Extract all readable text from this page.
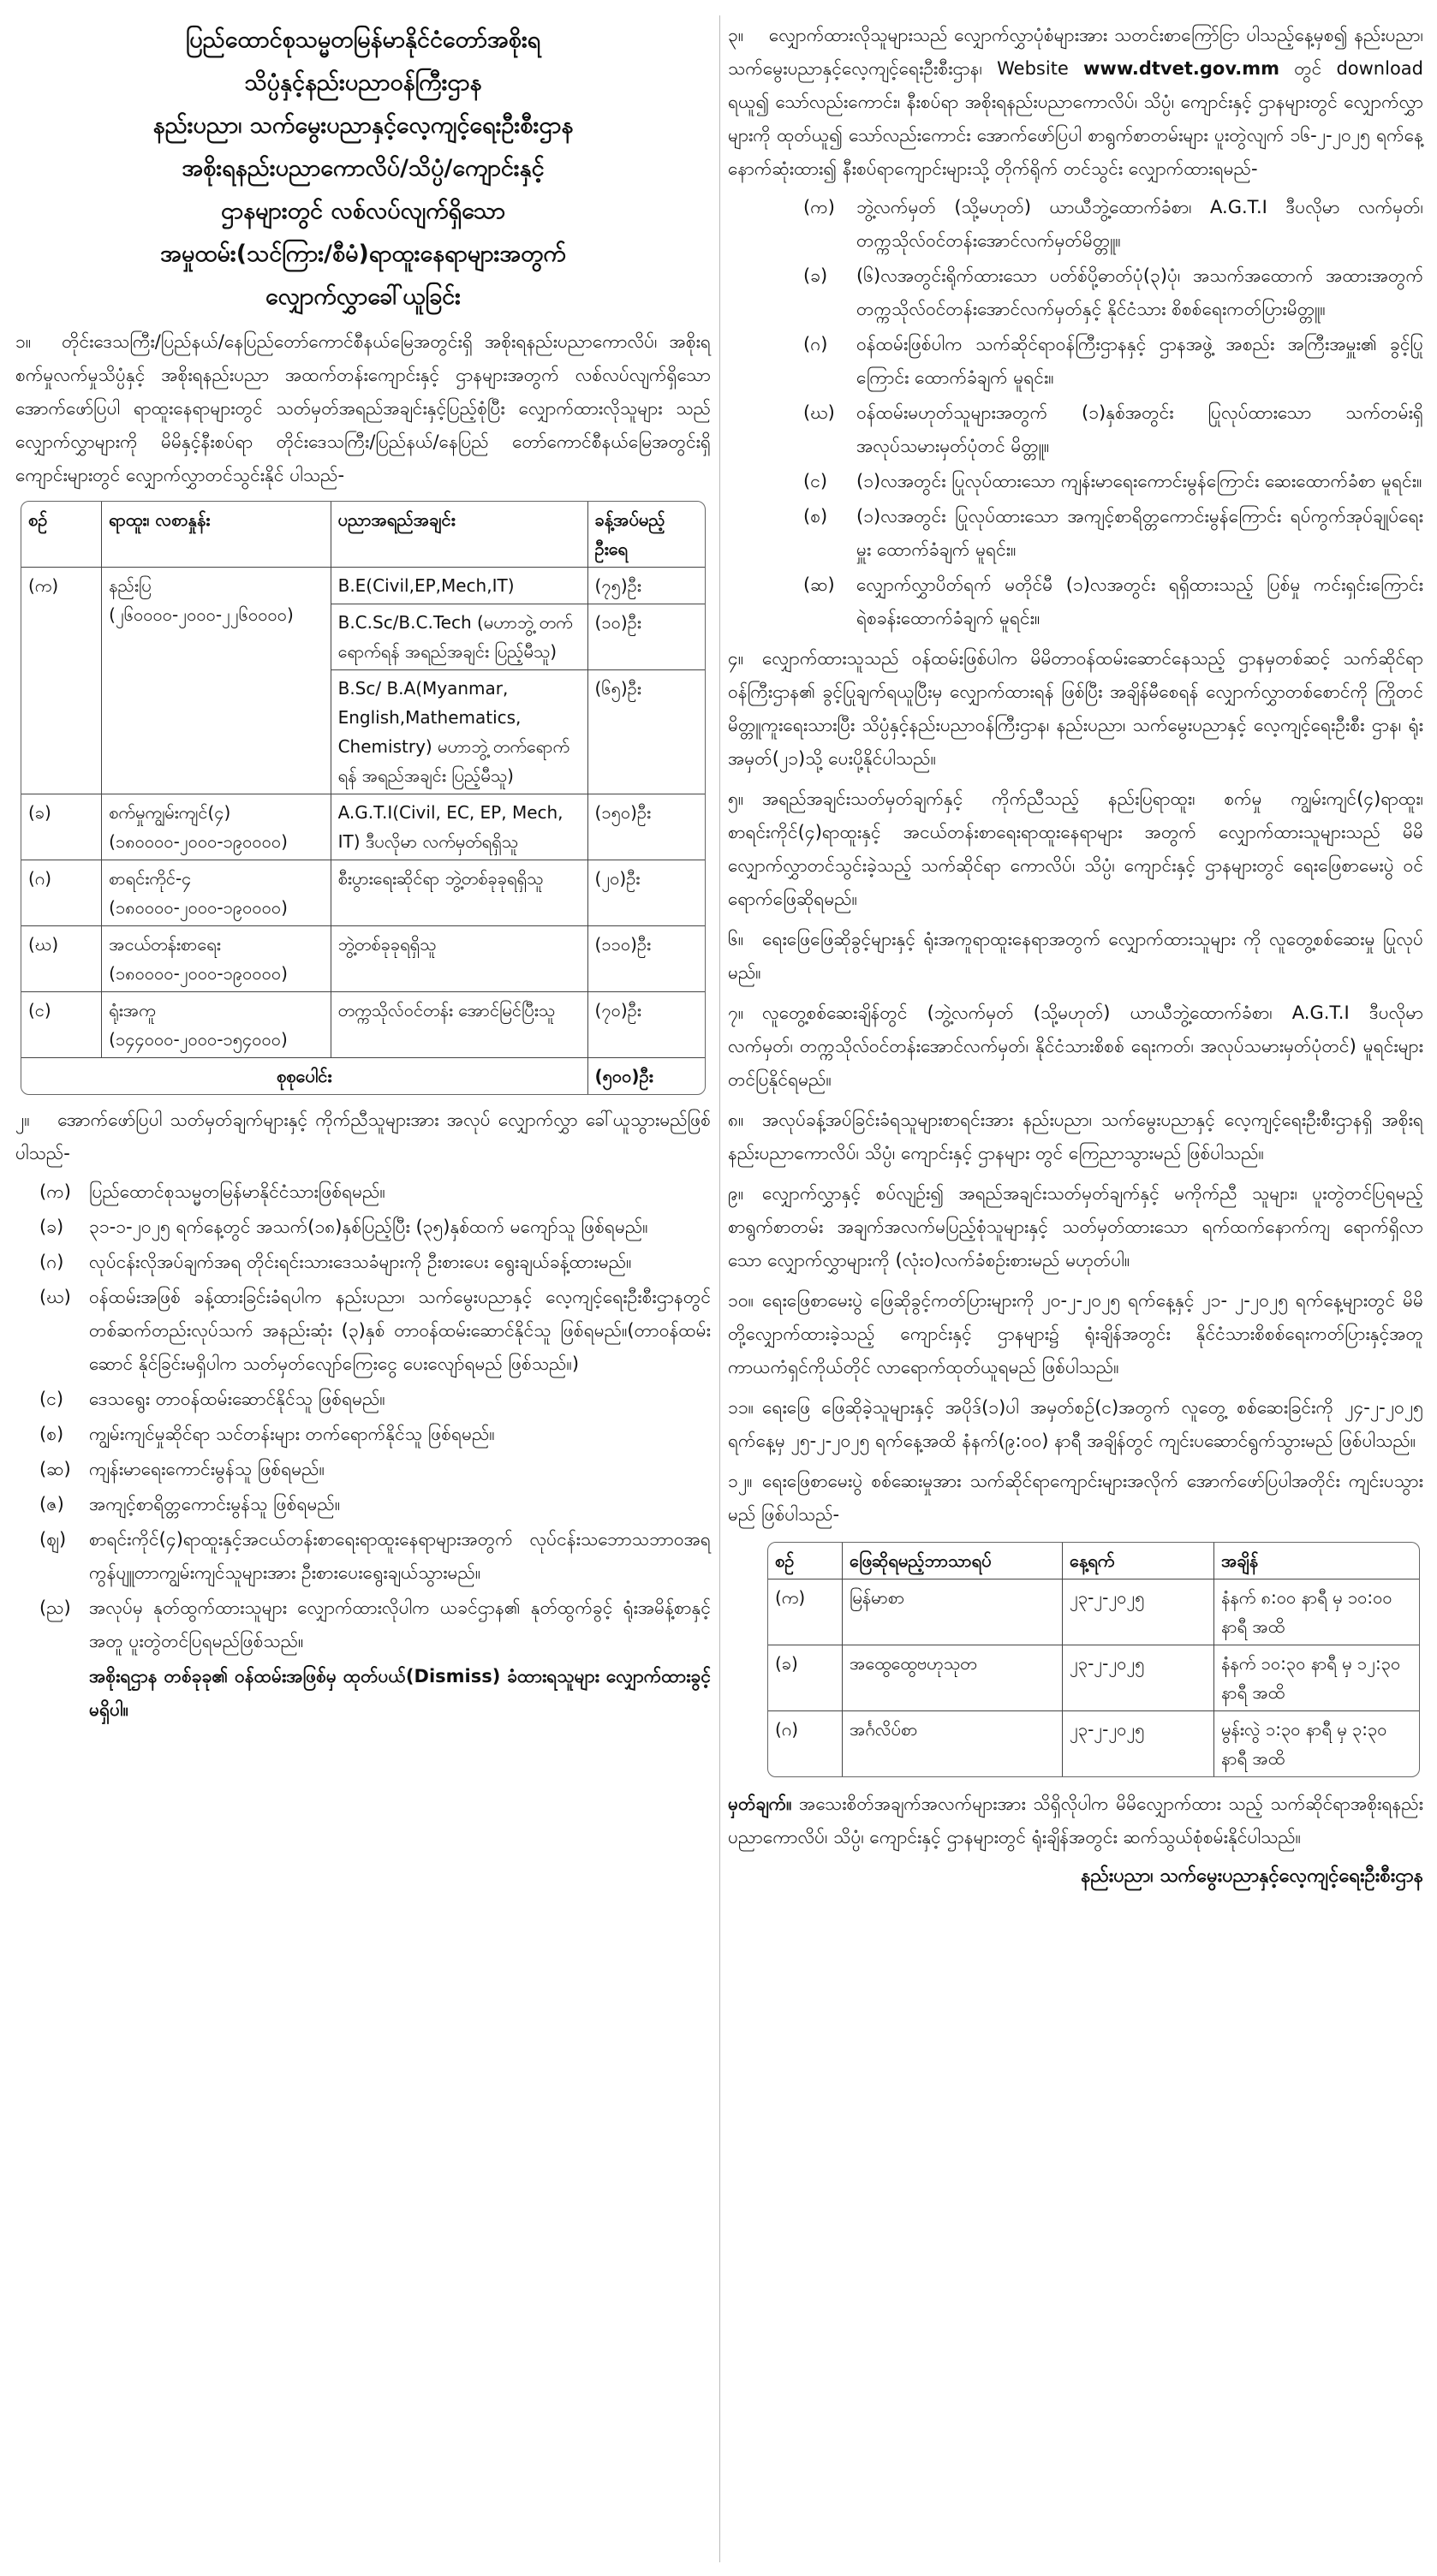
ပြည်ထောင်စုသမ္မတမြန်မာနိုင်ငံတော်အစိုးရ
သိပ္ပံနှင့်နည်းပညာဝန်ကြီးဌာန
နည်းပညာ၊ သက်မွေးပညာနှင့်လေ့ကျင့်ရေးဦးစီးဌာန
အစိုးရနည်းပညာကောလိပ်/သိပ္ပံ/ကျောင်းနှင့်
ဌာနများတွင် လစ်လပ်လျက်ရှိသော
အမှုထမ်း(သင်ကြား/စီမံ)ရာထူးနေရာများအတွက်
လျှောက်လွှာခေါ်ယူခြင်း
၁။ တိုင်းဒေသကြီး/ပြည်နယ်/နေပြည်တော်ကောင်စီနယ်မြေအတွင်းရှိ အစိုးရနည်းပညာကောလိပ်၊ အစိုးရစက်မှုလက်မှုသိပ္ပံနှင့် အစိုးရနည်းပညာ အထက်တန်းကျောင်းနှင့် ဌာနများအတွက် လစ်လပ်လျက်ရှိသော အောက်ဖော်ပြပါ ရာထူးနေရာများတွင် သတ်မှတ်အရည်အချင်းနှင့်ပြည့်စုံပြီး လျှောက်ထားလိုသူများ သည် လျှောက်လွှာများကို မိမိနှင့်နီးစပ်ရာ တိုင်းဒေသကြီး/ပြည်နယ်/နေပြည် တော်ကောင်စီနယ်မြေအတွင်းရှိ ကျောင်းများတွင် လျှောက်လွှာတင်သွင်းနိုင် ပါသည်-
စဉ်	ရာထူး၊ လစာနှုန်း	ပညာအရည်အချင်း	ခန့်အပ်မည့် ဦးရေ
(က)	နည်းပြ (၂၆၀၀၀၀-၂၀၀၀-၂၂၆၀၀၀၀)	B.E(Civil,EP,Mech,IT)	(၇၅)ဦး
		B.C.Sc/B.C.Tech (မဟာဘွဲ့ တက်ရောက်ရန် အရည်အချင်း ပြည့်မီသူ)	(၁၀)ဦး
		B.Sc/ B.A(Myanmar, English,Mathematics, Chemistry) မဟာဘွဲ့ တက်ရောက်ရန် အရည်အချင်း ပြည့်မီသူ)	(၆၅)ဦး
(ခ)	စက်မှုကျွမ်းကျင်(၄) (၁၈၀၀၀၀-၂၀၀၀-၁၉၀၀၀၀)	A.G.T.I(Civil, EC, EP, Mech, IT) ဒီပလိုမာ လက်မှတ်ရရှိသူ	(၁၅၀)ဦး
(ဂ)	စာရင်းကိုင်-၄ (၁၈၀၀၀၀-၂၀၀၀-၁၉၀၀၀၀)	စီးပွားရေးဆိုင်ရာ ဘွဲ့တစ်ခုခုရရှိသူ	(၂၀)ဦး
(ဃ)	အငယ်တန်းစာရေး (၁၈၀၀၀၀-၂၀၀၀-၁၉၀၀၀၀)	ဘွဲ့တစ်ခုခုရရှိသူ	(၁၁၀)ဦး
(င)	ရုံးအကူ (၁၄၄၀၀၀-၂၀၀၀-၁၅၄၀၀၀)	တက္ကသိုလ်ဝင်တန်း အောင်မြင်ပြီးသူ	(၇၀)ဦး
စုစုပေါင်း			(၅၀၀)ဦး
၂။ အောက်ဖော်ပြပါ သတ်မှတ်ချက်များနှင့် ကိုက်ညီသူများအား အလုပ် လျှောက်လွှာ ခေါ်ယူသွားမည်ဖြစ်ပါသည်-
(က)	ပြည်ထောင်စုသမ္မတမြန်မာနိုင်ငံသားဖြစ်ရမည်။
(ခ)	၃၁-၁-၂၀၂၅ ရက်နေ့တွင် အသက်(၁၈)နှစ်ပြည့်ပြီး (၃၅)နှစ်ထက် မကျော်သူ ဖြစ်ရမည်။
(ဂ)	လုပ်ငန်းလိုအပ်ချက်အရ တိုင်းရင်းသားဒေသခံများကို ဦးစားပေး ရွေးချယ်ခန့်ထားမည်။
(ဃ)	ဝန်ထမ်းအဖြစ် ခန့်ထားခြင်းခံရပါက နည်းပညာ၊ သက်မွေးပညာနှင့် လေ့ကျင့်ရေးဦးစီးဌာနတွင် တစ်ဆက်တည်းလုပ်သက် အနည်းဆုံး (၃)နှစ် တာဝန်ထမ်းဆောင်နိုင်သူ ဖြစ်ရမည်။(တာဝန်ထမ်းဆောင် နိုင်ခြင်းမရှိပါက သတ်မှတ်လျော်ကြေးငွေ ပေးလျော်ရမည် ဖြစ်သည်။)
(င)	ဒေသရွေး တာဝန်ထမ်းဆောင်နိုင်သူ ဖြစ်ရမည်။
(စ)	ကျွမ်းကျင်မှုဆိုင်ရာ သင်တန်းများ တက်ရောက်နိုင်သူ ဖြစ်ရမည်။
(ဆ)	ကျန်းမာရေးကောင်းမွန်သူ ဖြစ်ရမည်။
(ဇ)	အကျင့်စာရိတ္တကောင်းမွန်သူ ဖြစ်ရမည်။
(ဈ)	စာရင်းကိုင်(၄)ရာထူးနှင့်အငယ်တန်းစာရေးရာထူးနေရာများအတွက် လုပ်ငန်းသဘောသဘာဝအရ ကွန်ပျူတာကျွမ်းကျင်သူများအား ဦးစားပေးရွေးချယ်သွားမည်။
(ည)	အလုပ်မှ နုတ်ထွက်ထားသူများ လျှောက်ထားလိုပါက ယခင်ဌာန၏ နုတ်ထွက်ခွင့် ရုံးအမိန့်စာနှင့်အတူ ပူးတွဲတင်ပြရမည်ဖြစ်သည်။
အစိုးရဌာန တစ်ခုခု၏ ဝန်ထမ်းအဖြစ်မှ ထုတ်ပယ်(Dismiss) ခံထားရသူများ လျှောက်ထားခွင့်မရှိပါ။
၃။ လျှောက်ထားလိုသူများသည် လျှောက်လွှာပုံစံများအား သတင်းစာကြော်ငြာ ပါသည့်နေ့မှစ၍ နည်းပညာ၊ သက်မွေးပညာနှင့်လေ့ကျင့်ရေးဦးစီးဌာန၊ Website www.dtvet.gov.mm တွင် download ရယူ၍ သော်လည်းကောင်း၊ နီးစပ်ရာ အစိုးရနည်းပညာကောလိပ်၊ သိပ္ပံ၊ ကျောင်းနှင့် ဌာနများတွင် လျှောက်လွှာများကို ထုတ်ယူ၍ သော်လည်းကောင်း အောက်ဖော်ပြပါ စာရွက်စာတမ်းများ ပူးတွဲလျက် ၁၆-၂-၂၀၂၅ ရက်နေ့ နောက်ဆုံးထား၍ နီးစပ်ရာကျောင်းများသို့ တိုက်ရိုက် တင်သွင်း လျှောက်ထားရမည်-
(က)	ဘွဲ့လက်မှတ် (သို့မဟုတ်) ယာယီဘွဲ့ထောက်ခံစာ၊ A.G.T.I ဒီပလိုမာ လက်မှတ်၊ တက္ကသိုလ်ဝင်တန်းအောင်လက်မှတ်မိတ္တူ။
(ခ)	(၆)လအတွင်းရိုက်ထားသော ပတ်စ်ပို့ဓာတ်ပုံ(၃)ပုံ၊ အသက်အထောက် အထားအတွက် တက္ကသိုလ်ဝင်တန်းအောင်လက်မှတ်နှင့် နိုင်ငံသား စိစစ်ရေးကတ်ပြားမိတ္တူ။
(ဂ)	ဝန်ထမ်းဖြစ်ပါက သက်ဆိုင်ရာဝန်ကြီးဌာနနှင့် ဌာနအဖွဲ့ အစည်း အကြီးအမှူး၏ ခွင့်ပြုကြောင်း ထောက်ခံချက် မူရင်း။
(ဃ)	ဝန်ထမ်းမဟုတ်သူများအတွက် (၁)နှစ်အတွင်း ပြုလုပ်ထားသော သက်တမ်းရှိ အလုပ်သမားမှတ်ပုံတင် မိတ္တူ။
(င)	(၁)လအတွင်း ပြုလုပ်ထားသော ကျန်းမာရေးကောင်းမွန်ကြောင်း ဆေးထောက်ခံစာ မူရင်း။
(စ)	(၁)လအတွင်း ပြုလုပ်ထားသော အကျင့်စာရိတ္တကောင်းမွန်ကြောင်း ရပ်ကွက်အုပ်ချုပ်ရေးမှူး ထောက်ခံချက် မူရင်း။
(ဆ)	လျှောက်လွှာပိတ်ရက် မတိုင်မီ (၁)လအတွင်း ရရှိထားသည့် ပြစ်မှု ကင်းရှင်းကြောင်း ရဲစခန်းထောက်ခံချက် မူရင်း။
၄။ လျှောက်ထားသူသည် ဝန်ထမ်းဖြစ်ပါက မိမိတာဝန်ထမ်းဆောင်နေသည့် ဌာနမှတစ်ဆင့် သက်ဆိုင်ရာဝန်ကြီးဌာန၏ ခွင့်ပြုချက်ရယူပြီးမှ လျှောက်ထားရန် ဖြစ်ပြီး အချိန်မီစေရန် လျှောက်လွှာတစ်စောင်ကို ကြိုတင်မိတ္တူကူးရေးသားပြီး သိပ္ပံနှင့်နည်းပညာဝန်ကြီးဌာန၊ နည်းပညာ၊ သက်မွေးပညာနှင့် လေ့ကျင့်ရေးဦးစီး ဌာန၊ ရုံးအမှတ်(၂၁)သို့ ပေးပို့နိုင်ပါသည်။
၅။ အရည်အချင်းသတ်မှတ်ချက်နှင့် ကိုက်ညီသည့် နည်းပြရာထူး၊ စက်မှု ကျွမ်းကျင်(၄)ရာထူး၊ စာရင်းကိုင်(၄)ရာထူးနှင့် အငယ်တန်းစာရေးရာထူးနေရာများ အတွက် လျှောက်ထားသူများသည် မိမိ လျှောက်လွှာတင်သွင်းခဲ့သည့် သက်ဆိုင်ရာ ကောလိပ်၊ သိပ္ပံ၊ ကျောင်းနှင့် ဌာနများတွင် ရေးဖြေစာမေးပွဲ ဝင်ရောက်ဖြေဆိုရမည်။
၆။ ရေးဖြေဖြေဆိုခွင့်များနှင့် ရုံးအကူရာထူးနေရာအတွက် လျှောက်ထားသူများ ကို လူတွေ့စစ်ဆေးမှု ပြုလုပ်မည်။
၇။ လူတွေ့စစ်ဆေးချိန်တွင် (ဘွဲ့လက်မှတ် (သို့မဟုတ်) ယာယီဘွဲ့ထောက်ခံစာ၊ A.G.T.I ဒီပလိုမာ လက်မှတ်၊ တက္ကသိုလ်ဝင်တန်းအောင်လက်မှတ်၊ နိုင်ငံသားစိစစ် ရေးကတ်၊ အလုပ်သမားမှတ်ပုံတင်) မူရင်းများ တင်ပြနိုင်ရမည်။
၈။ အလုပ်ခန့်အပ်ခြင်းခံရသူများစာရင်းအား နည်းပညာ၊ သက်မွေးပညာနှင့် လေ့ကျင့်ရေးဦးစီးဌာနရှိ အစိုးရနည်းပညာကောလိပ်၊ သိပ္ပံ၊ ကျောင်းနှင့် ဌာနများ တွင် ကြေညာသွားမည် ဖြစ်ပါသည်။
၉။ လျှောက်လွှာနှင့် စပ်လျဉ်း၍ အရည်အချင်းသတ်မှတ်ချက်နှင့် မကိုက်ညီ သူများ၊ ပူးတွဲတင်ပြရမည့် စာရွက်စာတမ်း အချက်အလက်မပြည့်စုံသူများနှင့် သတ်မှတ်ထားသော ရက်ထက်နောက်ကျ ရောက်ရှိလာသော လျှောက်လွှာများကို (လုံးဝ)လက်ခံစဉ်းစားမည် မဟုတ်ပါ။
၁၀။ ရေးဖြေစာမေးပွဲ ဖြေဆိုခွင့်ကတ်ပြားများကို ၂၀-၂-၂၀၂၅ ရက်နေ့နှင့် ၂၁- ၂-၂၀၂၅ ရက်နေ့များတွင် မိမိတို့လျှောက်ထားခဲ့သည့် ကျောင်းနှင့် ဌာနများ၌ ရုံးချိန်အတွင်း နိုင်ငံသားစိစစ်ရေးကတ်ပြားနှင့်အတူ ကာယကံရှင်ကိုယ်တိုင် လာရောက်ထုတ်ယူရမည် ဖြစ်ပါသည်။
၁၁။ ရေးဖြေ ဖြေဆိုခဲ့သူများနှင့် အပိုဒ်(၁)ပါ အမှတ်စဉ်(င)အတွက် လူတွေ့ စစ်ဆေးခြင်းကို ၂၄-၂-၂၀၂၅ ရက်နေ့မှ ၂၅-၂-၂၀၂၅ ရက်နေ့အထိ နံနက်(၉:၀၀) နာရီ အချိန်တွင် ကျင်းပဆောင်ရွက်သွားမည် ဖြစ်ပါသည်။
၁၂။ ရေးဖြေစာမေးပွဲ စစ်ဆေးမှုအား သက်ဆိုင်ရာကျောင်းများအလိုက် အောက်ဖော်ပြပါအတိုင်း ကျင်းပသွားမည် ဖြစ်ပါသည်-
စဉ်	ဖြေဆိုရမည့်ဘာသာရပ်	နေ့ရက်	အချိန်
(က)	မြန်မာစာ	၂၃-၂-၂၀၂၅	နံနက် ၈:၀၀ နာရီ မှ ၁၀:၀၀ နာရီ အထိ
(ခ)	အထွေထွေဗဟုသုတ	၂၃-၂-၂၀၂၅	နံနက် ၁၀:၃၀ နာရီ မှ ၁၂:၃၀ နာရီ အထိ
(ဂ)	အင်္ဂလိပ်စာ	၂၃-၂-၂၀၂၅	မွန်းလွဲ ၁:၃၀ နာရီ မှ ၃:၃၀ နာရီ အထိ
မှတ်ချက်။ အသေးစိတ်အချက်အလက်များအား သိရှိလိုပါက မိမိလျှောက်ထား သည့် သက်ဆိုင်ရာအစိုးရနည်းပညာကောလိပ်၊ သိပ္ပံ၊ ကျောင်းနှင့် ဌာနများတွင် ရုံးချိန်အတွင်း ဆက်သွယ်စုံစမ်းနိုင်ပါသည်။
နည်းပညာ၊ သက်မွေးပညာနှင့်လေ့ကျင့်ရေးဦးစီးဌာန
